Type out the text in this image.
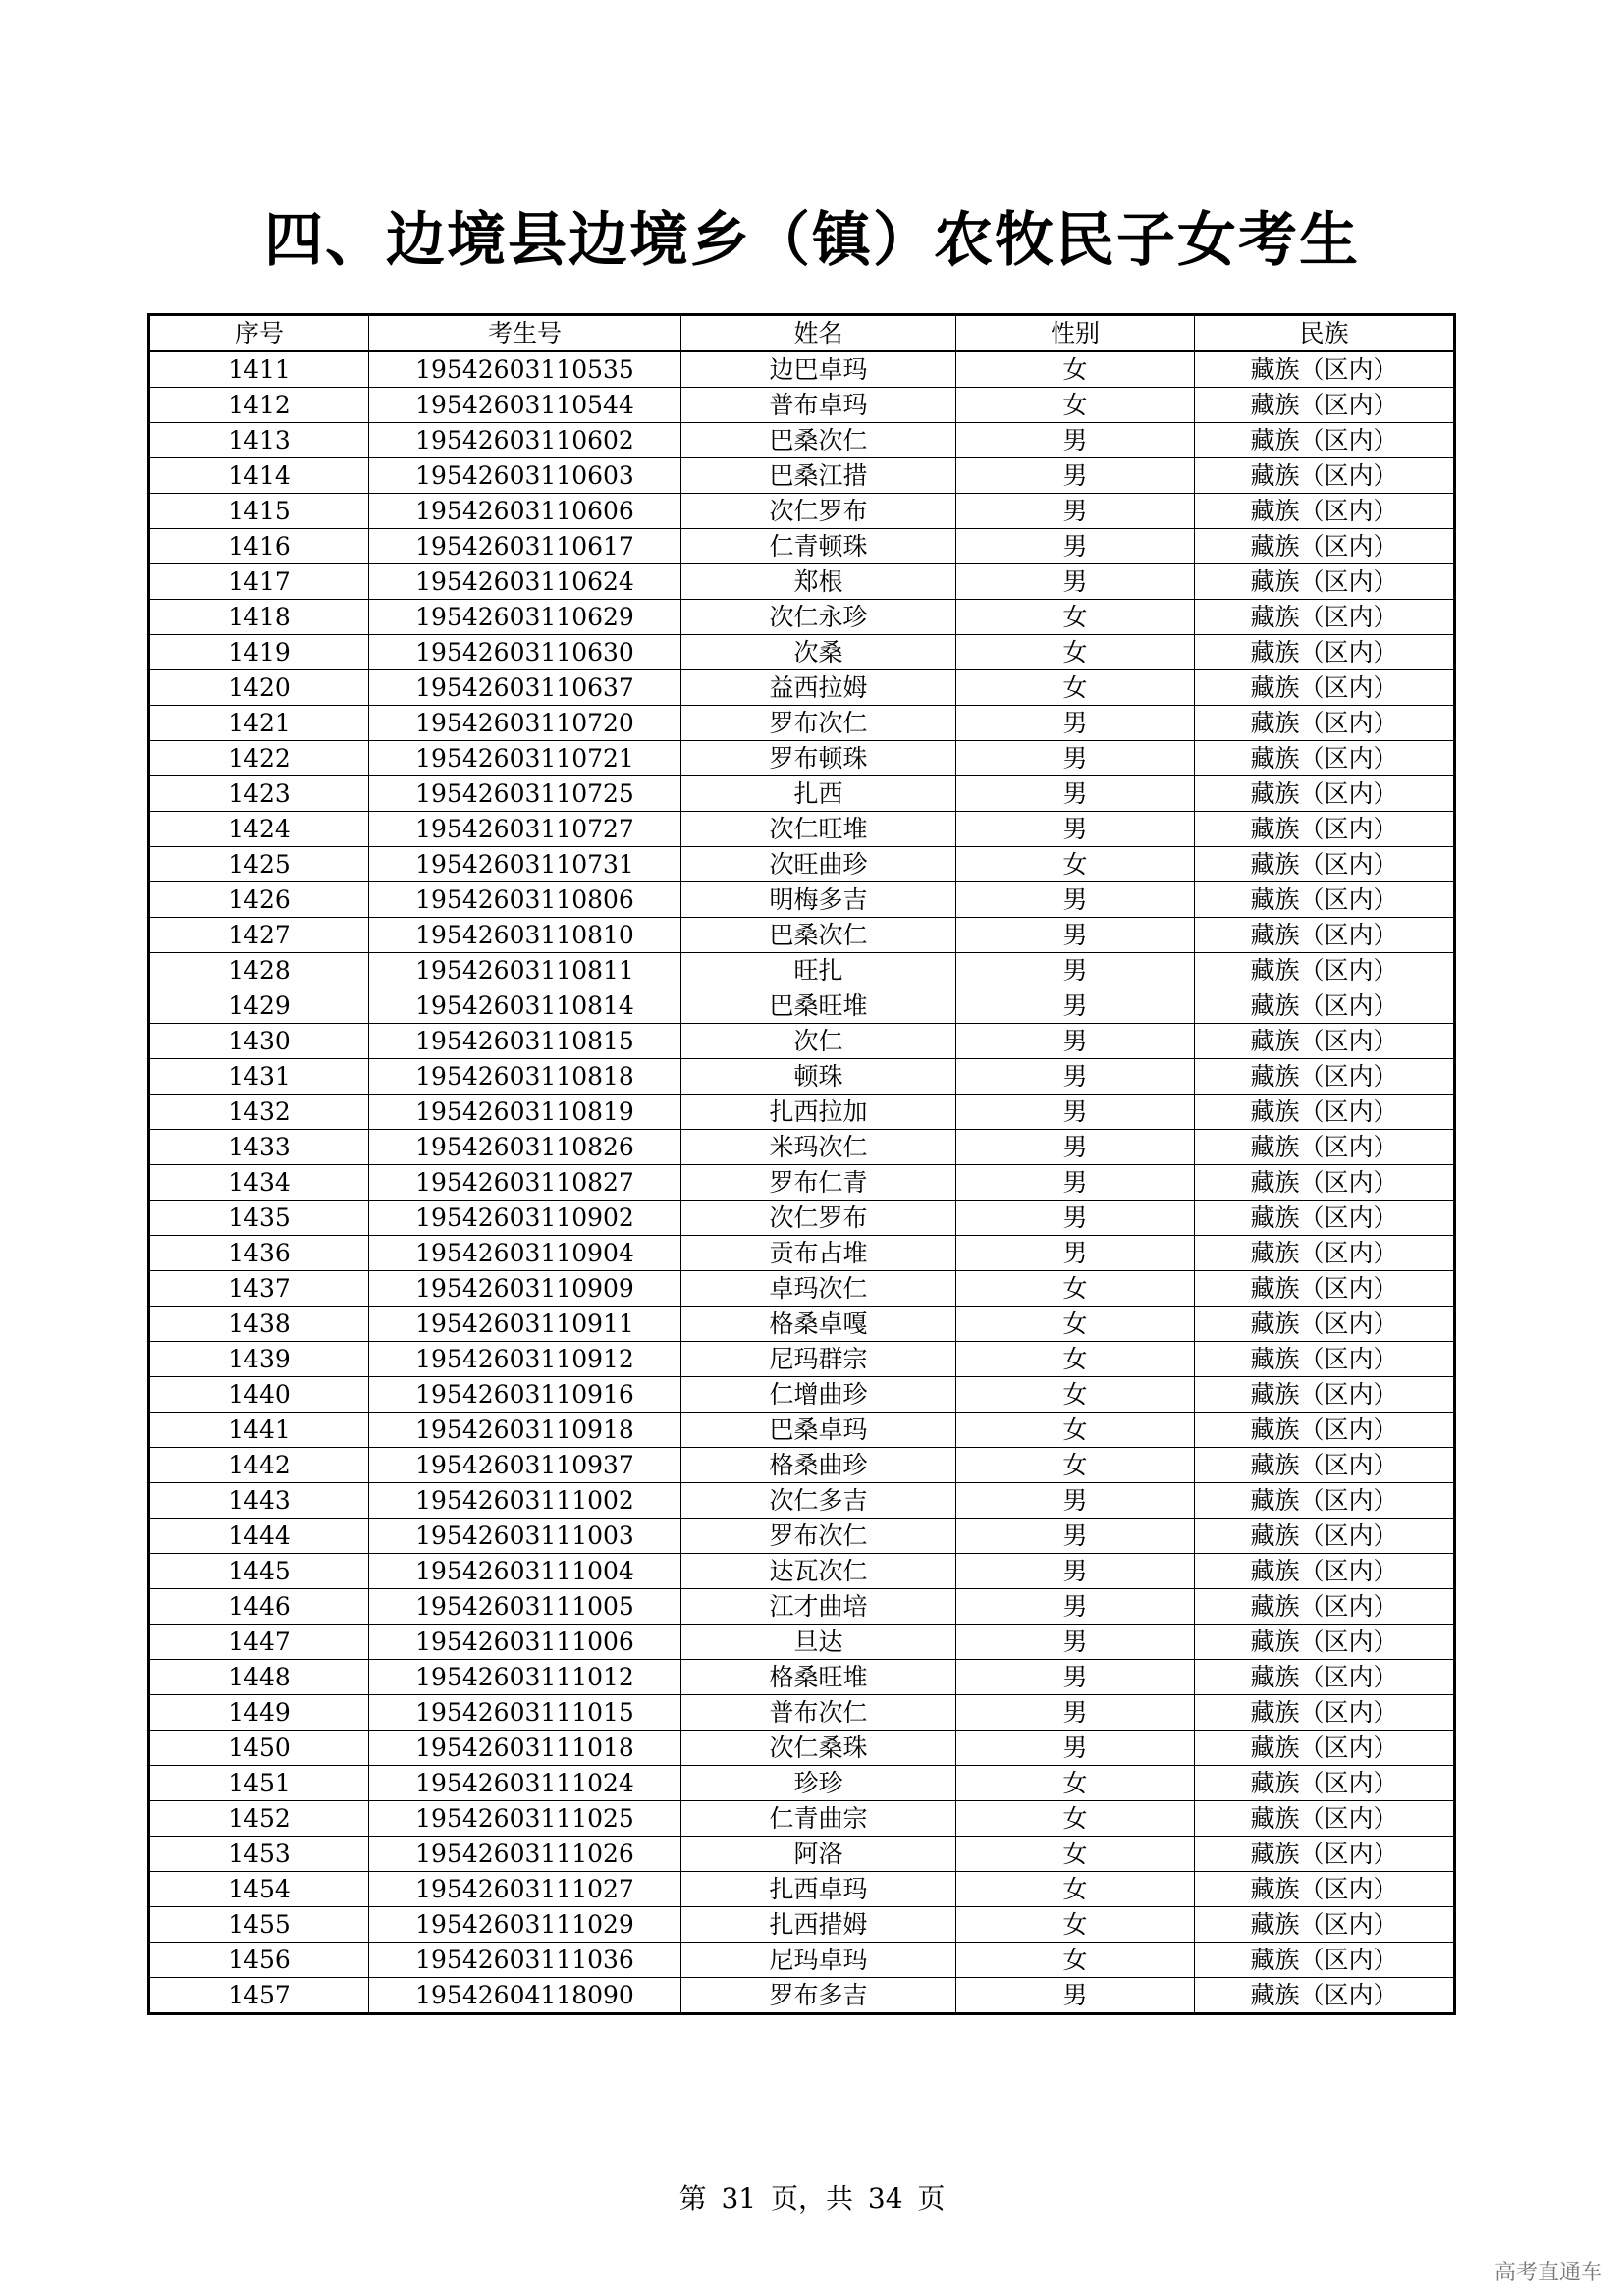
四、边境县边境乡（镇）农牧民子女考生
序号	考生号	姓名	性别	民族
1411	19542603110535	边巴卓玛	女	藏族（区内）
1412	19542603110544	普布卓玛	女	藏族（区内）
1413	19542603110602	巴桑次仁	男	藏族（区内）
1414	19542603110603	巴桑江措	男	藏族（区内）
1415	19542603110606	次仁罗布	男	藏族（区内）
1416	19542603110617	仁青顿珠	男	藏族（区内）
1417	19542603110624	郑根	男	藏族（区内）
1418	19542603110629	次仁永珍	女	藏族（区内）
1419	19542603110630	次桑	女	藏族（区内）
1420	19542603110637	益西拉姆	女	藏族（区内）
1421	19542603110720	罗布次仁	男	藏族（区内）
1422	19542603110721	罗布顿珠	男	藏族（区内）
1423	19542603110725	扎西	男	藏族（区内）
1424	19542603110727	次仁旺堆	男	藏族（区内）
1425	19542603110731	次旺曲珍	女	藏族（区内）
1426	19542603110806	明梅多吉	男	藏族（区内）
1427	19542603110810	巴桑次仁	男	藏族（区内）
1428	19542603110811	旺扎	男	藏族（区内）
1429	19542603110814	巴桑旺堆	男	藏族（区内）
1430	19542603110815	次仁	男	藏族（区内）
1431	19542603110818	顿珠	男	藏族（区内）
1432	19542603110819	扎西拉加	男	藏族（区内）
1433	19542603110826	米玛次仁	男	藏族（区内）
1434	19542603110827	罗布仁青	男	藏族（区内）
1435	19542603110902	次仁罗布	男	藏族（区内）
1436	19542603110904	贡布占堆	男	藏族（区内）
1437	19542603110909	卓玛次仁	女	藏族（区内）
1438	19542603110911	格桑卓嘎	女	藏族（区内）
1439	19542603110912	尼玛群宗	女	藏族（区内）
1440	19542603110916	仁增曲珍	女	藏族（区内）
1441	19542603110918	巴桑卓玛	女	藏族（区内）
1442	19542603110937	格桑曲珍	女	藏族（区内）
1443	19542603111002	次仁多吉	男	藏族（区内）
1444	19542603111003	罗布次仁	男	藏族（区内）
1445	19542603111004	达瓦次仁	男	藏族（区内）
1446	19542603111005	江才曲培	男	藏族（区内）
1447	19542603111006	旦达	男	藏族（区内）
1448	19542603111012	格桑旺堆	男	藏族（区内）
1449	19542603111015	普布次仁	男	藏族（区内）
1450	19542603111018	次仁桑珠	男	藏族（区内）
1451	19542603111024	珍珍	女	藏族（区内）
1452	19542603111025	仁青曲宗	女	藏族（区内）
1453	19542603111026	阿洛	女	藏族（区内）
1454	19542603111027	扎西卓玛	女	藏族（区内）
1455	19542603111029	扎西措姆	女	藏族（区内）
1456	19542603111036	尼玛卓玛	女	藏族（区内）
1457	19542604118090	罗布多吉	男	藏族（区内）
第 31 页，共 34 页
高考直通车
